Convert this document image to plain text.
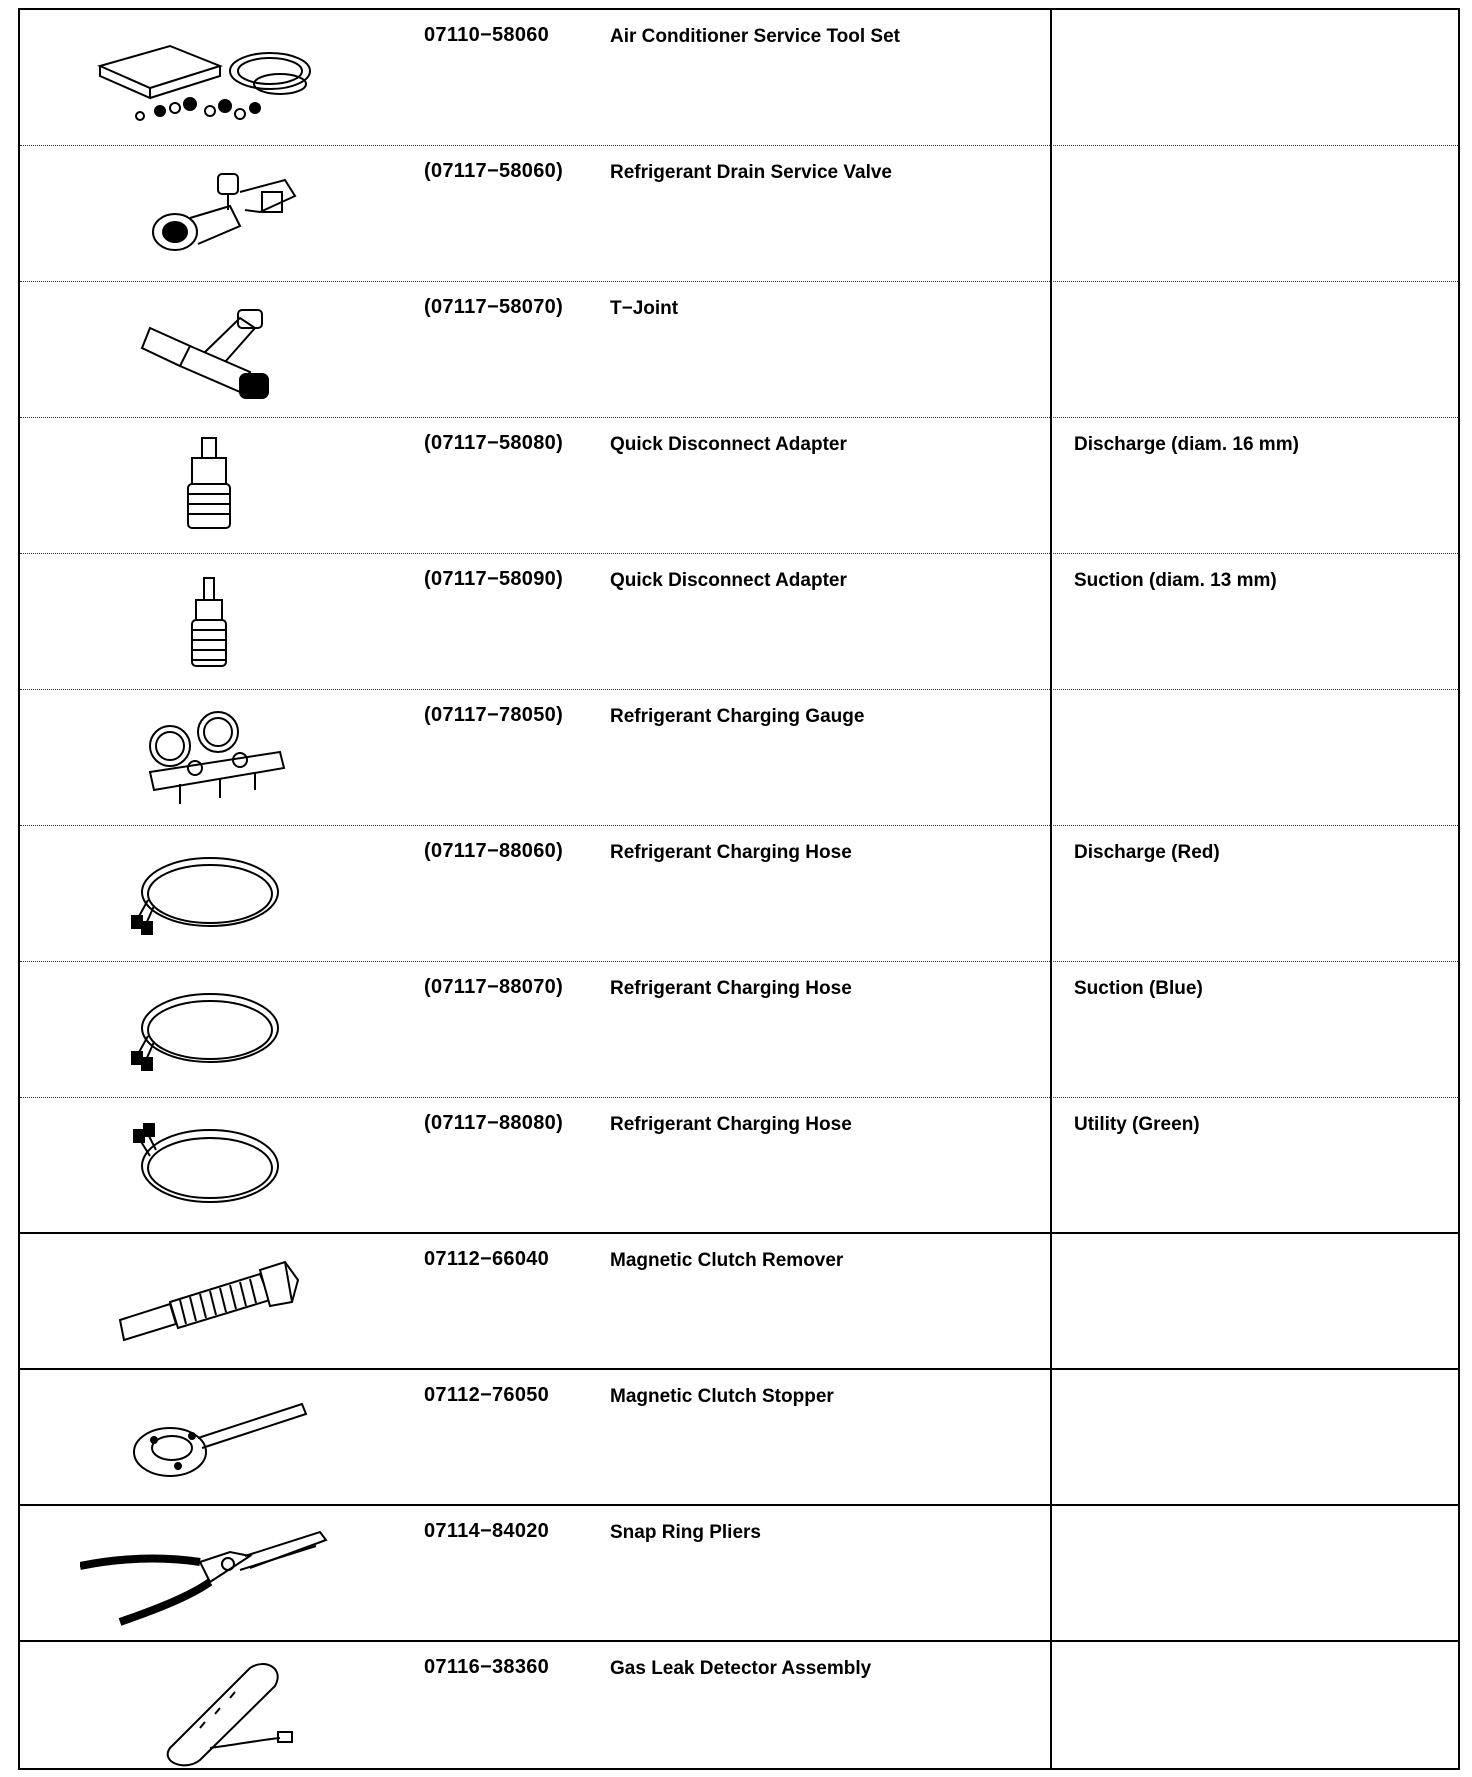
07110−58060	Air Conditioner Service Tool Set
(07117−58060) Refrigerant Drain Service Valve
(07117−58070) T−Joint
(07117−58080) Quick Disconnect Adapter	Discharge (diam. 16 mm)
(07117−58090) Quick Disconnect Adapter	Suction (diam. 13 mm)
(07117−78050) Refrigerant Charging Gauge
(07117−88060) Refrigerant Charging Hose	Discharge (Red)
(07117−88070) Refrigerant Charging Hose	Suction (Blue)
(07117−88080) Refrigerant Charging Hose	Utility (Green)
07112−66040	Magnetic Clutch Remover
07112−76050	Magnetic Clutch Stopper
07114−84020	Snap Ring Pliers
07116−38360	Gas Leak Detector Assembly
